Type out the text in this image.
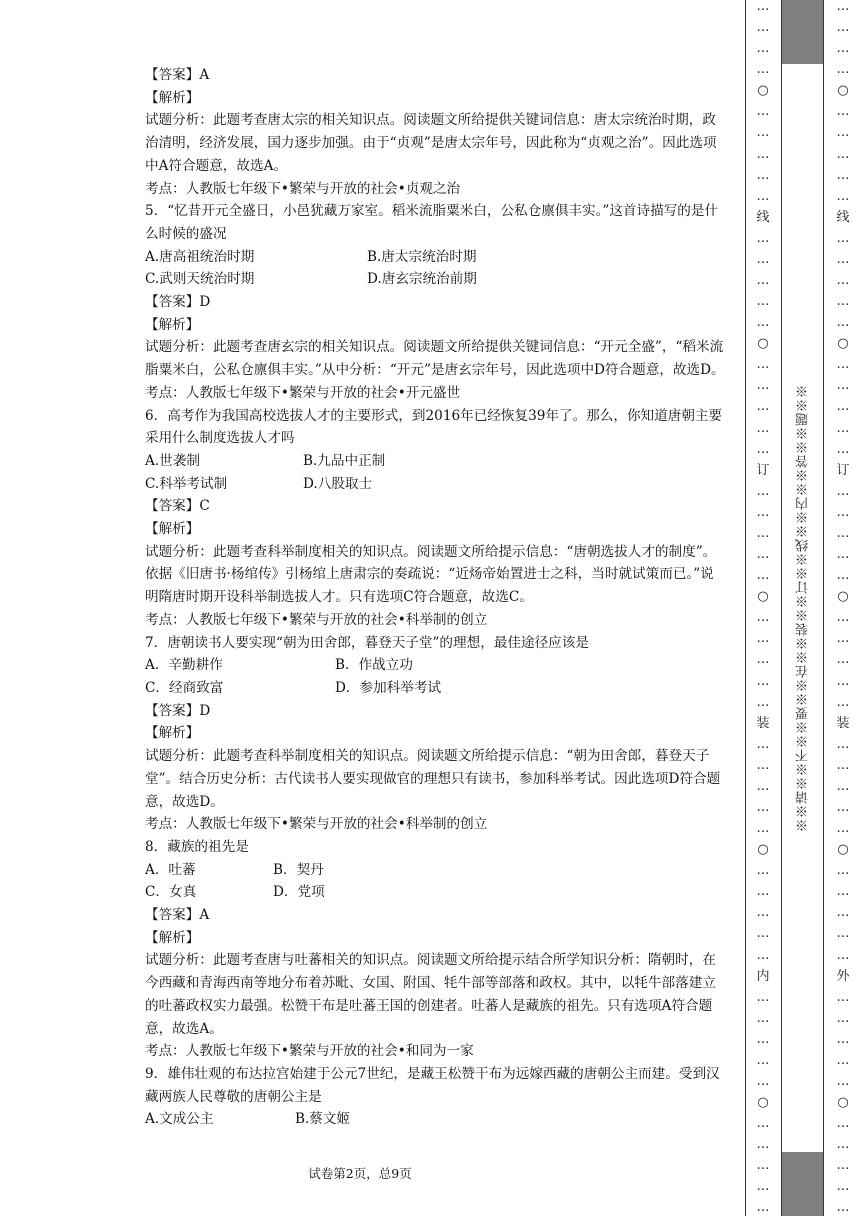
【答案】A
【解析】
试题分析：此题考查唐太宗的相关知识点。阅读题文所给提供关键词信息：唐太宗统治时期，政治清明，经济发展，国力逐步加强。由于“贞观”是唐太宗年号，因此称为“贞观之治”。因此选项中A符合题意，故选A。
考点：人教版七年级下•繁荣与开放的社会•贞观之治
5．“忆昔开元全盛日，小邑犹藏万家室。稻米流脂粟米白，公私仓廪俱丰实。”这首诗描写的是什么时候的盛况
A.唐高祖统治时期	B.唐太宗统治时期
C.武则天统治时期	D.唐玄宗统治前期
【答案】D
【解析】
试题分析：此题考查唐玄宗的相关知识点。阅读题文所给提供关键词信息：“开元全盛”，“稻米流脂粟米白，公私仓廪俱丰实。”从中分析：“开元”是唐玄宗年号，因此选项中D符合题意，故选D。
考点：人教版七年级下•繁荣与开放的社会•开元盛世
6．高考作为我国高校选拔人才的主要形式，到2016年已经恢复39年了。那么，你知道唐朝主要采用什么制度选拔人才吗
A.世袭制	B.九品中正制
C.科举考试制	D.八股取士
【答案】C
【解析】
试题分析：此题考查科举制度相关的知识点。阅读题文所给提示信息：“唐朝选拔人才的制度”。依据《旧唐书·杨绾传》引杨绾上唐肃宗的奏疏说：“近炀帝始置进士之科，当时就试策而已。”说明隋唐时期开设科举制选拔人才。只有选项C符合题意，故选C。
考点：人教版七年级下•繁荣与开放的社会•科举制的创立
7．唐朝读书人要实现“朝为田舍郎，暮登天子堂”的理想，最佳途径应该是
A．辛勤耕作	B．作战立功
C．经商致富	D．参加科举考试
【答案】D
【解析】
试题分析：此题考查科举制度相关的知识点。阅读题文所给提示信息：“朝为田舍郎，暮登天子堂”。结合历史分析：古代读书人要实现做官的理想只有读书，参加科举考试。因此选项D符合题意，故选D。
考点：人教版七年级下•繁荣与开放的社会•科举制的创立
8．藏族的祖先是
A．吐蕃	B．契丹
C．女真	D．党项
【答案】A
【解析】
试题分析：此题考查唐与吐蕃相关的知识点。阅读题文所给提示结合所学知识分析：隋朝时，在今西藏和青海西南等地分布着苏毗、女国、附国、牦牛部等部落和政权。其中，以牦牛部落建立的吐蕃政权实力最强。松赞干布是吐蕃王国的创建者。吐蕃人是藏族的祖先。只有选项A符合题意，故选A。
考点：人教版七年级下•繁荣与开放的社会•和同为一家
9．雄伟壮观的布达拉宫始建于公元7世纪，是藏王松赞干布为远嫁西藏的唐朝公主而建。受到汉藏两族人民尊敬的唐朝公主是
A.文成公主	B.蔡文姬
试卷第2页，总9页
…
…
…
…
○
…
…
…
…
…
线
…
…
…
…
…
○
…
…
…
…
…
订
…
…
…
…
…
○
…
…
…
…
…
装
…
…
…
…
…
○
…
…
…
…
…
内
…
…
…
…
…
○
…
…
…
…
…
…
…
…
…
○
…
…
…
…
…
线
…
…
…
…
…
○
…
…
…
…
…
订
…
…
…
…
…
○
…
…
…
…
…
装
…
…
…
…
…
○
…
…
…
…
…
外
…
…
…
…
…
○
…
…
…
…
…
※※请※※不※※要※※在※※装※※订※※线※※内※※答※※题※※
